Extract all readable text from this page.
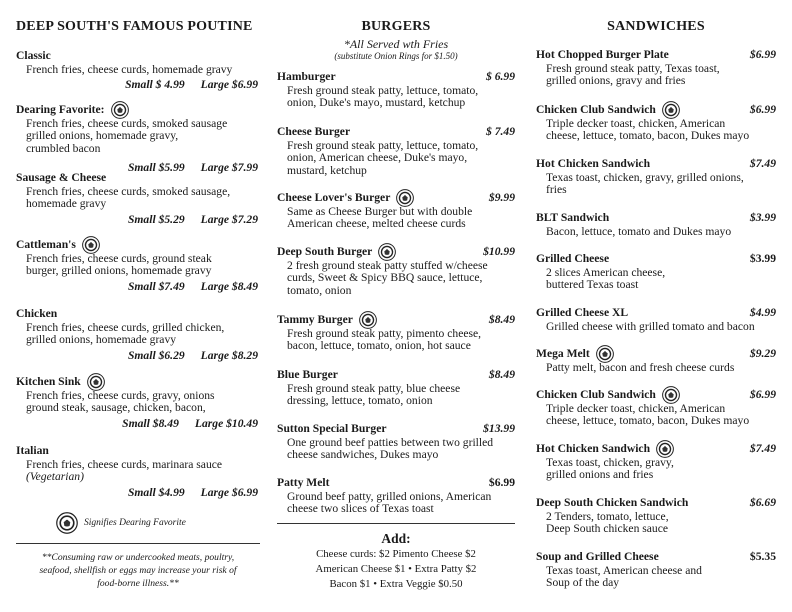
DEEP SOUTH'S FAMOUS POUTINE
Classic
French fries, cheese curds, homemade gravy
Small $ 4.99 Large $6.99
Dearing Favorite:
French fries, cheese curds, smoked sausage
grilled onions, homemade gravy,
crumbled bacon
Small $5.99 Large $7.99
Sausage & Cheese
French fries, cheese curds, smoked sausage,
homemade gravy
Small $5.29 Large $7.29
Cattleman's
French fries, cheese curds, ground steak
burger, grilled onions, homemade gravy
Small $7.49 Large $8.49
Chicken
French fries, cheese curds, grilled chicken,
grilled onions, homemade gravy
Small $6.29 Large $8.29
Kitchen Sink
French fries, cheese curds, gravy, onions
ground steak, sausage, chicken, bacon,
Small $8.49 Large $10.49
Italian
French fries, cheese curds, marinara sauce
(Vegetarian)
Small $4.99 Large $6.99
Signifies Dearing Favorite
**Consuming raw or undercooked meats, poultry,
seafood, shellfish or eggs may increase your risk of
food-borne illness.**
BURGERS
*All Served wth Fries
(substitute Onion Rings for $1.50)
Hamburger	$ 6.99
Fresh ground steak patty, lettuce, tomato,
onion, Duke's mayo, mustard, ketchup
Cheese Burger	$ 7.49
Fresh ground steak patty, lettuce, tomato,
onion, American cheese, Duke's mayo,
mustard, ketchup
Cheese Lover's Burger	$9.99
Same as Cheese Burger but with double
American cheese, melted cheese curds
Deep South Burger	$10.99
2 fresh ground steak patty stuffed w/cheese
curds, Sweet & Spicy BBQ sauce, lettuce,
tomato, onion
Tammy Burger	$8.49
Fresh ground steak patty, pimento cheese,
bacon, lettuce, tomato, onion, hot sauce
Blue Burger	$8.49
Fresh ground steak patty, blue cheese
dressing, lettuce, tomato, onion
Sutton Special Burger	$13.99
One ground beef patties between two grilled
cheese sandwiches, Dukes mayo
Patty Melt	$6.99
Ground beef patty, grilled onions, American
cheese two slices of Texas toast
Add:
Cheese curds: $2 Pimento Cheese $2
American Cheese $1 • Extra Patty $2
Bacon $1 • Extra Veggie $0.50
SANDWICHES
Hot Chopped Burger Plate	$6.99
Fresh ground steak patty, Texas toast,
grilled onions, gravy and fries
Chicken Club Sandwich	$6.99
Triple decker toast, chicken, American
cheese, lettuce, tomato, bacon, Dukes mayo
Hot Chicken Sandwich	$7.49
Texas toast, chicken, gravy, grilled onions,
fries
BLT Sandwich	$3.99
Bacon, lettuce, tomato and Dukes mayo
Grilled Cheese	$3.99
2 slices American cheese,
buttered Texas toast
Grilled Cheese XL	$4.99
Grilled cheese with grilled tomato and bacon
Mega Melt	$9.29
Patty melt, bacon and fresh cheese curds
Chicken Club Sandwich	$6.99
Triple decker toast, chicken, American
cheese, lettuce, tomato, bacon, Dukes mayo
Hot Chicken Sandwich	$7.49
Texas toast, chicken, gravy,
grilled onions and fries
Deep South Chicken Sandwich	$6.69
2 Tenders, tomato, lettuce,
Deep South chicken sauce
Soup and Grilled Cheese	$5.35
Texas toast, American cheese and
Soup of the day
